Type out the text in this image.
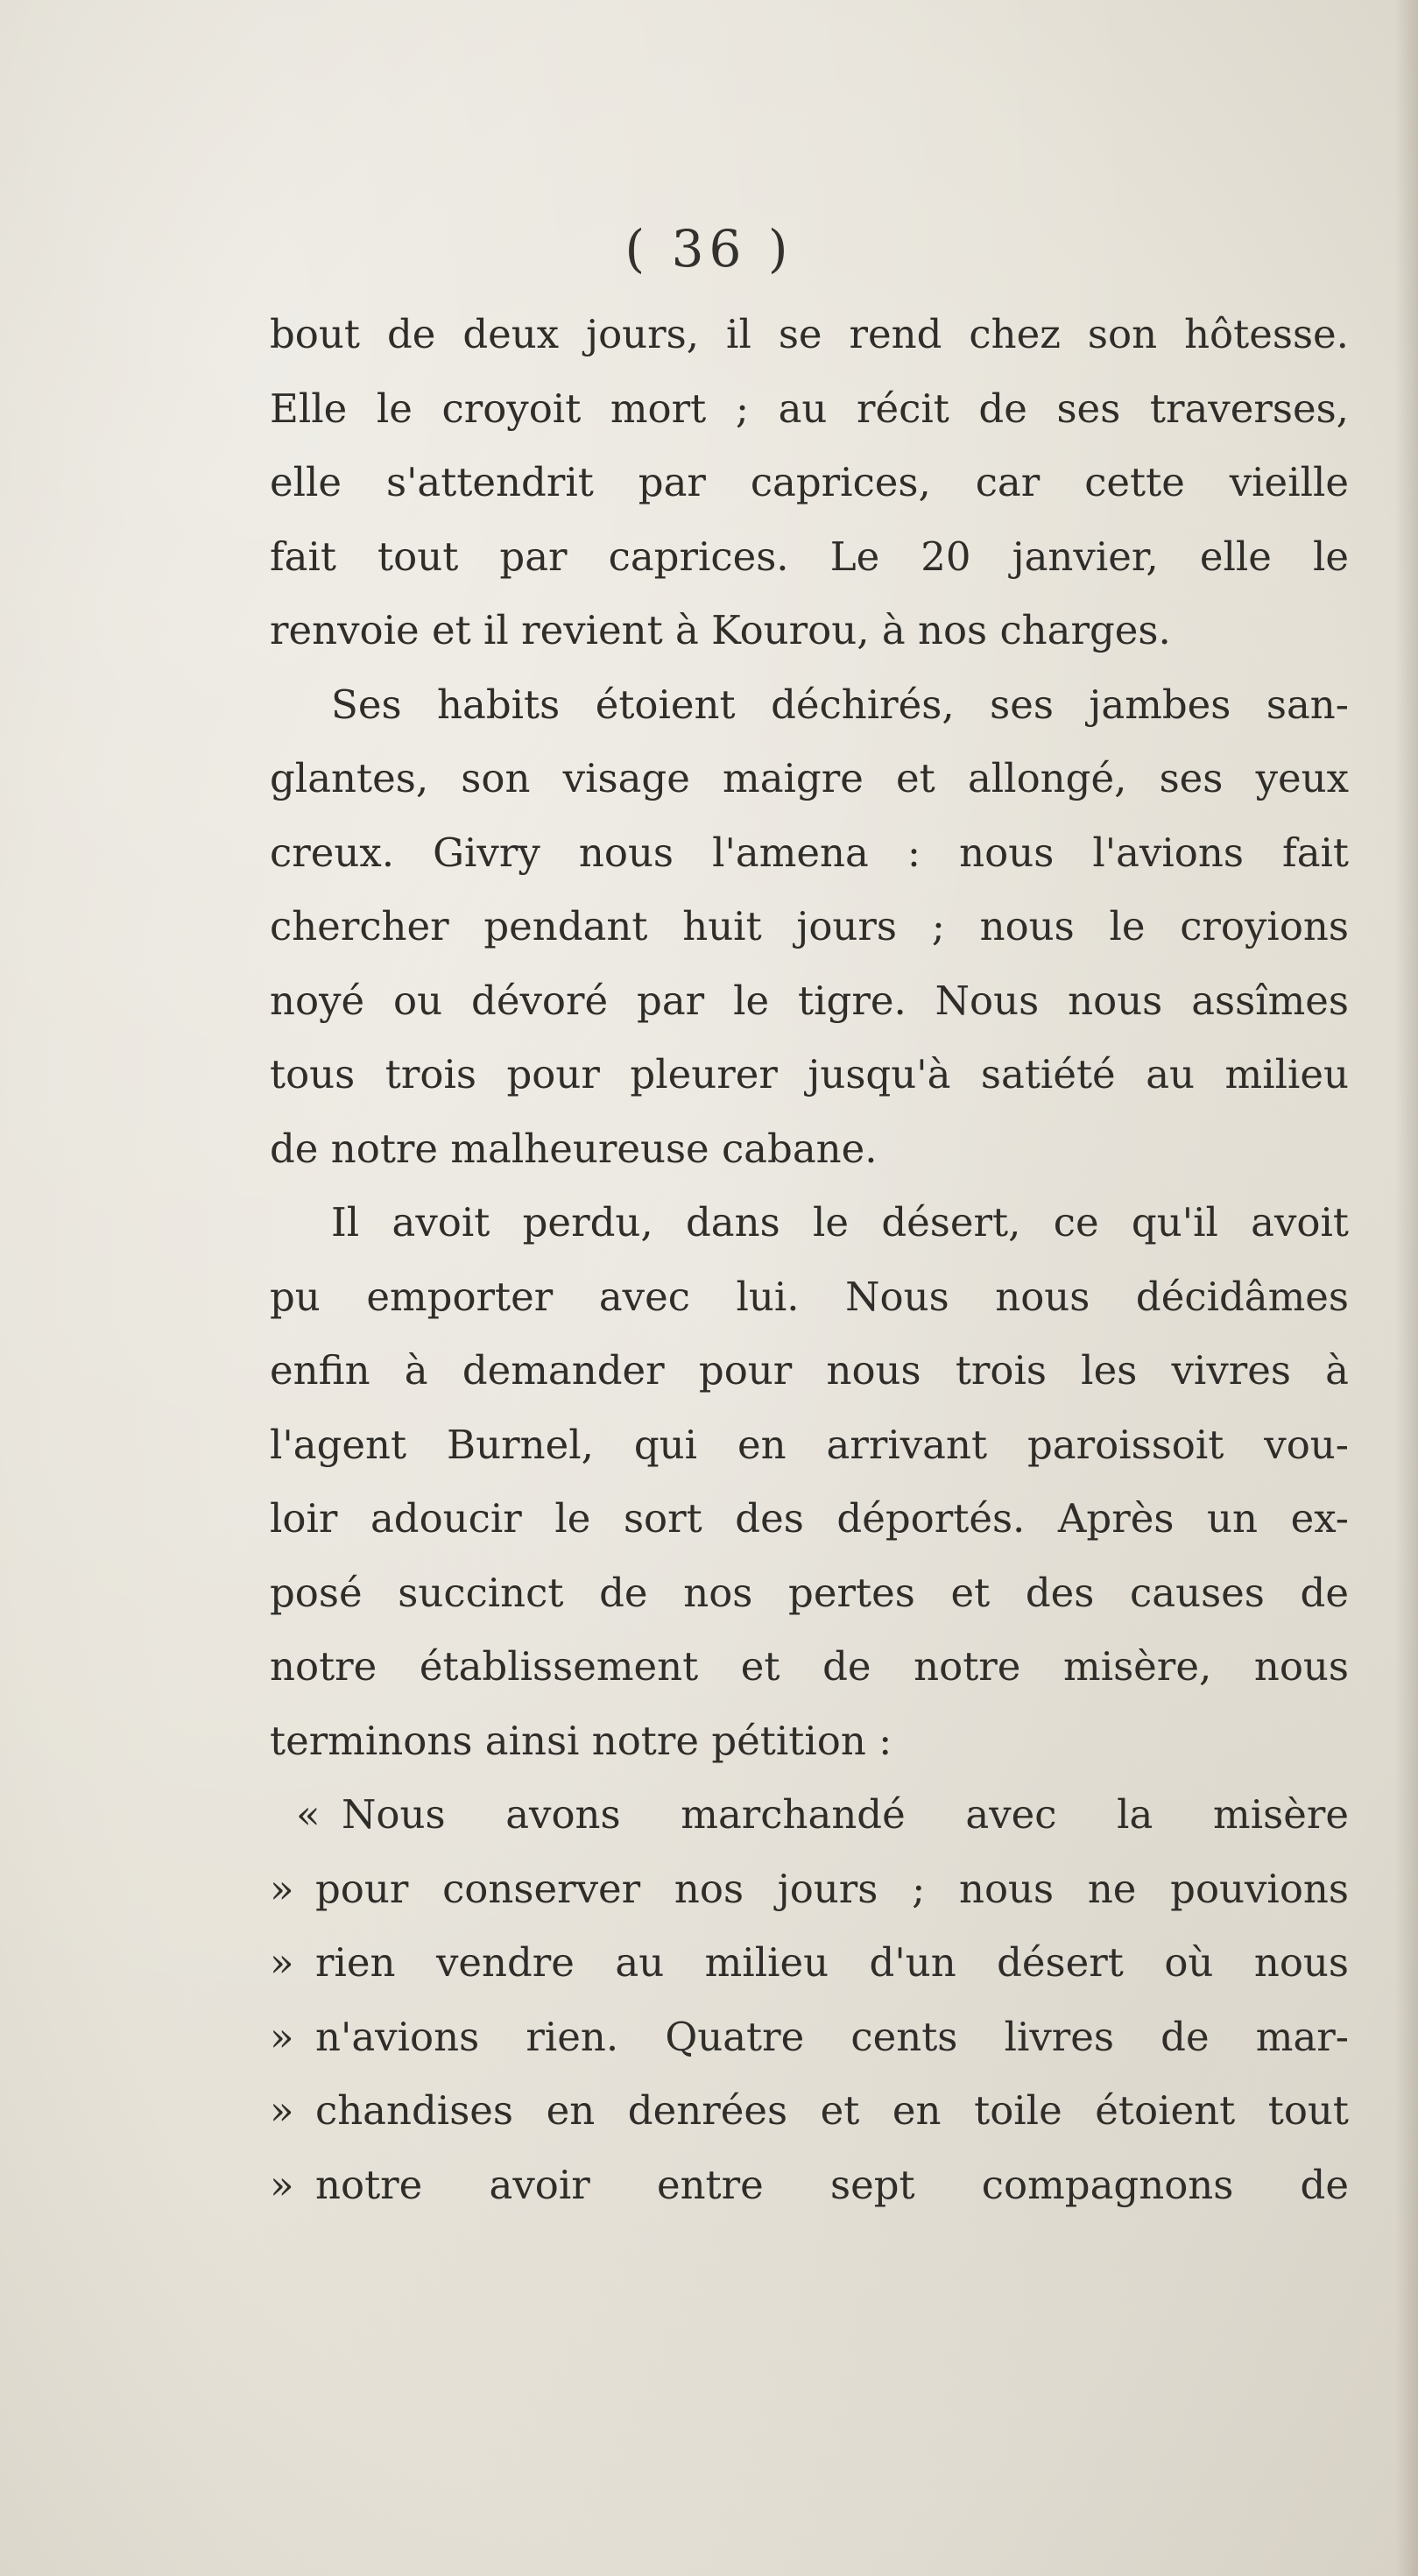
( 36 )
bout de deux jours, il se rend chez son hôtesse.
Elle le croyoit mort ; au récit de ses traverses,
elle s'attendrit par caprices, car cette vieille
fait tout par caprices. Le 20 janvier, elle le
renvoie et il revient à Kourou, à nos charges.
Ses habits étoient déchirés, ses jambes san-
glantes, son visage maigre et allongé, ses yeux
creux. Givry nous l'amena : nous l'avions fait
chercher pendant huit jours ; nous le croyions
noyé ou dévoré par le tigre. Nous nous assîmes
tous trois pour pleurer jusqu'à satiété au milieu
de notre malheureuse cabane.
Il avoit perdu, dans le désert, ce qu'il avoit
pu emporter avec lui. Nous nous décidâmes
enfin à demander pour nous trois les vivres à
l'agent Burnel, qui en arrivant paroissoit vou-
loir adoucir le sort des déportés. Après un ex-
posé succinct de nos pertes et des causes de
notre établissement et de notre misère, nous
terminons ainsi notre pétition :
« Nous avons marchandé avec la misère
» pour conserver nos jours ; nous ne pouvions
» rien vendre au milieu d'un désert où nous
» n'avions rien. Quatre cents livres de mar-
» chandises en denrées et en toile étoient tout
» notre avoir entre sept compagnons de
